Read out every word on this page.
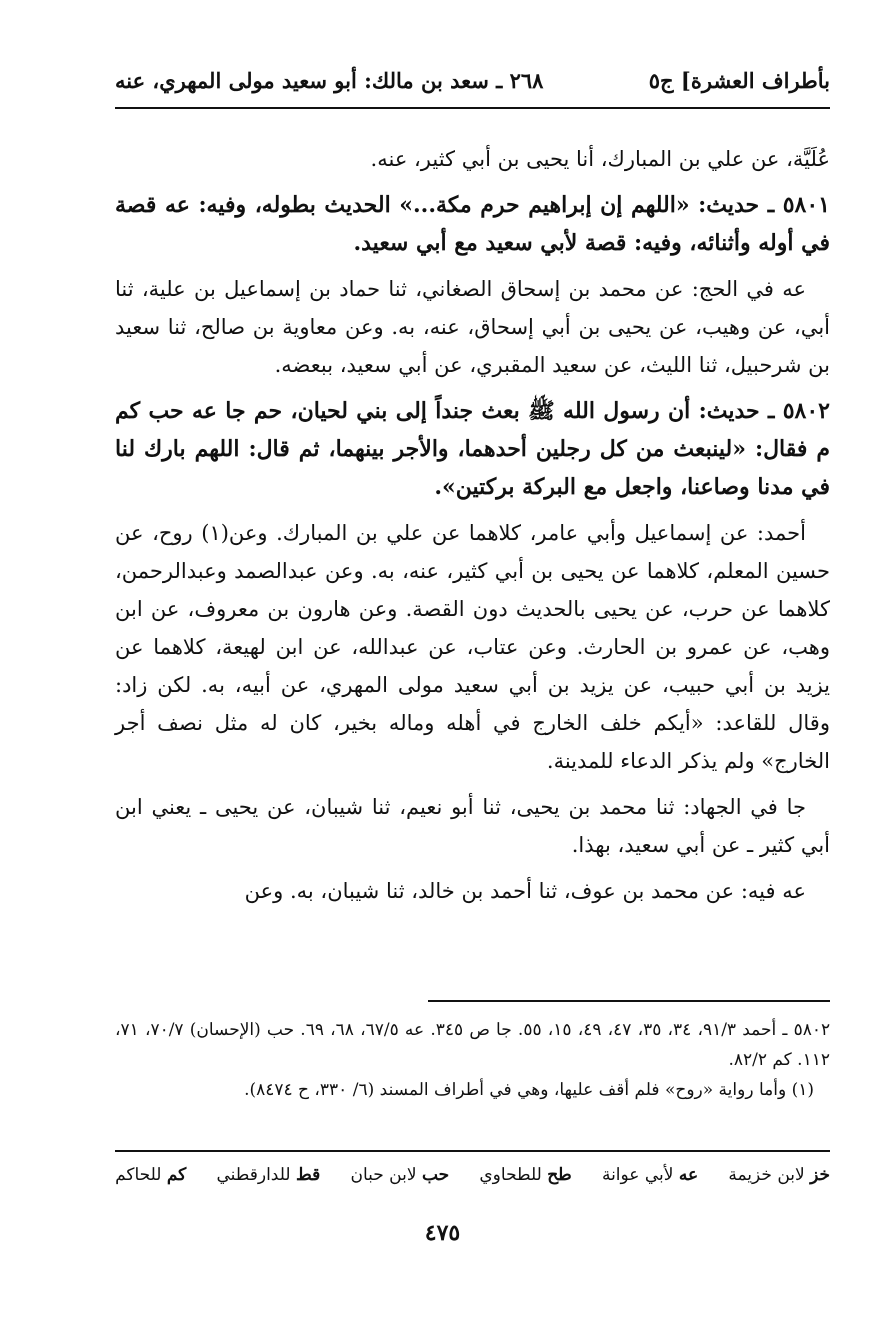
بأطراف العشرة] ج٥
٢٦٨ ـ سعد بن مالك: أبو سعيد مولى المهري، عنه

عُلَيَّة، عن علي بن المبارك، أنا يحيى بن أبي كثير، عنه.

٥٨٠١ ـ حديث: «اللهم إن إبراهيم حرم مكة...» الحديث بطوله، وفيه: عه قصة في أوله وأثنائه، وفيه: قصة لأبي سعيد مع أبي سعيد.

عه في الحج: عن محمد بن إسحاق الصغاني، ثنا حماد بن إسماعيل بن علية، ثنا أبي، عن وهيب، عن يحيى بن أبي إسحاق، عنه، به. وعن معاوية بن صالح، ثنا سعيد بن شرحبيل، ثنا الليث، عن سعيد المقبري، عن أبي سعيد، ببعضه.

٥٨٠٢ ـ حديث: أن رسول الله ﷺ بعث جنداً إلى بني لحيان، حم جا عه حب كم م فقال: «لينبعث من كل رجلين أحدهما، والأجر بينهما، ثم قال: اللهم بارك لنا في مدنا وصاعنا، واجعل مع البركة بركتين».

أحمد: عن إسماعيل وأبي عامر، كلاهما عن علي بن المبارك. وعن(١) روح، عن حسين المعلم، كلاهما عن يحيى بن أبي كثير، عنه، به. وعن عبدالصمد وعبدالرحمن، كلاهما عن حرب، عن يحيى بالحديث دون القصة. وعن هارون بن معروف، عن ابن وهب، عن عمرو بن الحارث. وعن عتاب، عن عبدالله، عن ابن لهيعة، كلاهما عن يزيد بن أبي حبيب، عن يزيد بن أبي سعيد مولى المهري، عن أبيه، به. لكن زاد: وقال للقاعد: «أيكم خلف الخارج في أهله وماله بخير، كان له مثل نصف أجر الخارج» ولم يذكر الدعاء للمدينة.

جا في الجهاد: ثنا محمد بن يحيى، ثنا أبو نعيم، ثنا شيبان، عن يحيى ـ يعني ابن أبي كثير ـ عن أبي سعيد، بهذا.

عه فيه: عن محمد بن عوف، ثنا أحمد بن خالد، ثنا شيبان، به. وعن

٥٨٠٢ ـ أحمد ٩١/٣، ٣٤، ٣٥، ٤٧، ٤٩، ١٥، ٥٥. جا ص ٣٤٥. عه ٦٧/٥، ٦٨، ٦٩. حب (الإحسان) ٧٠/٧، ٧١، ١١٢. كم ٨٢/٢.

(١) وأما رواية «روح» فلم أقف عليها، وهي في أطراف المسند (٦/ ٣٣٠، ح ٨٤٧٤).

خز لابن خزيمة
عه لأبي عوانة
طح للطحاوي
حب لابن حبان
قط للدارقطني
كم للحاكم
٤٧٥
